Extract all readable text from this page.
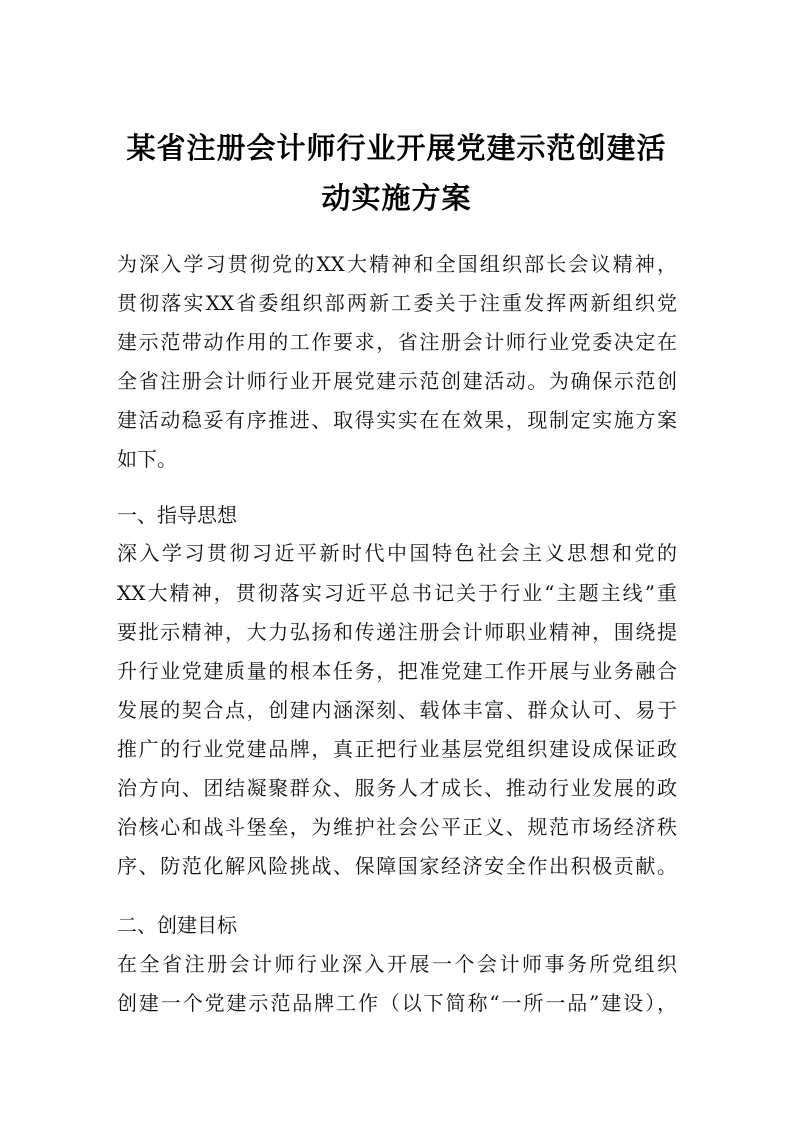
某省注册会计师行业开展党建示范创建活
动实施方案
为深入学习贯彻党的XX大精神和全国组织部长会议精神，
贯彻落实XX省委组织部两新工委关于注重发挥两新组织党
建示范带动作用的工作要求，省注册会计师行业党委决定在
全省注册会计师行业开展党建示范创建活动。为确保示范创
建活动稳妥有序推进、取得实实在在效果，现制定实施方案
如下。
一、指导思想
深入学习贯彻习近平新时代中国特色社会主义思想和党的
XX大精神，贯彻落实习近平总书记关于行业“主题主线”重
要批示精神，大力弘扬和传递注册会计师职业精神，围绕提
升行业党建质量的根本任务，把准党建工作开展与业务融合
发展的契合点，创建内涵深刻、载体丰富、群众认可、易于
推广的行业党建品牌，真正把行业基层党组织建设成保证政
治方向、团结凝聚群众、服务人才成长、推动行业发展的政
治核心和战斗堡垒，为维护社会公平正义、规范市场经济秩
序、防范化解风险挑战、保障国家经济安全作出积极贡献。
二、创建目标
在全省注册会计师行业深入开展一个会计师事务所党组织
创建一个党建示范品牌工作（以下简称“一所一品”建设），
